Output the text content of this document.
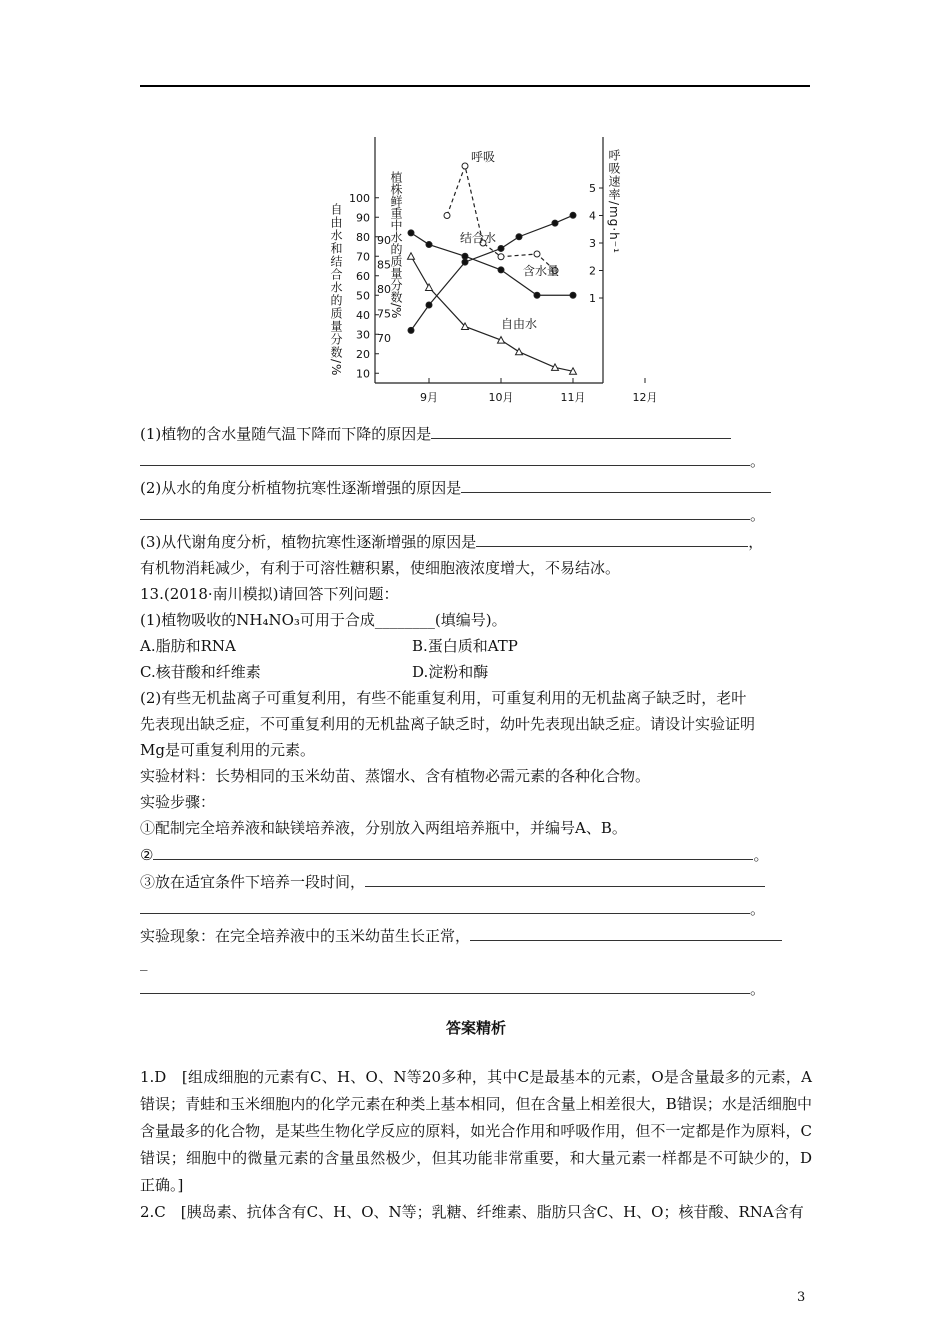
10
20
30
40
50
60
70
80
90
100
70
75
80
85
90
1
2
3
4
5
9月	10月	11月	12月
自由水和结合水的质量分数/%	植株鲜重中水的质量分数/%	呼吸速率/mg·h⁻¹
呼吸
结合水
含水量
自由水

(1)植物的含水量随气温下降而下降的原因是

。

(2)从水的角度分析植物抗寒性逐渐增强的原因是

。

(3)从代谢角度分析，植物抗寒性逐渐增强的原因是	，

有机物消耗减少，有利于可溶性糖积累，使细胞液浓度增大，不易结冰。

13.(2018·南川模拟)请回答下列问题：

(1)植物吸收的NH₄NO₃可用于合成________(填编号)。

A.脂肪和RNA	B.蛋白质和ATP

C.核苷酸和纤维素	D.淀粉和酶

(2)有些无机盐离子可重复利用，有些不能重复利用，可重复利用的无机盐离子缺乏时，老叶

先表现出缺乏症，不可重复利用的无机盐离子缺乏时，幼叶先表现出缺乏症。请设计实验证明

Mg是可重复利用的元素。

实验材料：长势相同的玉米幼苗、蒸馏水、含有植物必需元素的各种化合物。

实验步骤：

①配制完全培养液和缺镁培养液，分别放入两组培养瓶中，并编号A、B。

②	。

③放在适宜条件下培养一段时间，

。

实验现象：在完全培养液中的玉米幼苗生长正常，

_

。

答案精析

1.D　[组成细胞的元素有C、H、O、N等20多种，其中C是最基本的元素，O是含量最多的元素，A错误；青蛙和玉米细胞内的化学元素在种类上基本相同，但在含量上相差很大，B错误；水是活细胞中含量最多的化合物，是某些生物化学反应的原料，如光合作用和呼吸作用，但不一定都是作为原料，C错误；细胞中的微量元素的含量虽然极少，但其功能非常重要，和大量元素一样都是不可缺少的，D正确。]

2.C　[胰岛素、抗体含有C、H、O、N等；乳糖、纤维素、脂肪只含C、H、O；核苷酸、RNA含有

3
